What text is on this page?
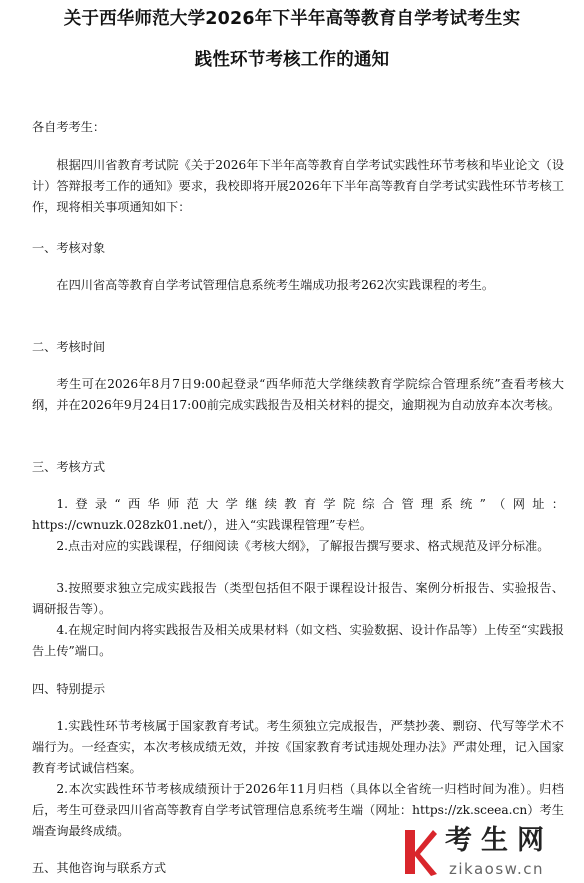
关于西华师范大学2026年下半年高等教育自学考试考生实
践性环节考核工作的通知

各自考考生：

根据四川省教育考试院《关于2026年下半年高等教育自学考试实践性环节考核和毕业论文（设计）答辩报考工作的通知》要求，我校即将开展2026年下半年高等教育自学考试实践性环节考核工作，现将相关事项通知如下：

一、考核对象

在四川省高等教育自学考试管理信息系统考生端成功报考262次实践课程的考生。

二、考核时间

考生可在2026年8月7日9:00起登录“西华师范大学继续教育学院综合管理系统”查看考核大纲，并在2026年9月24日17:00前完成实践报告及相关材料的提交，逾期视为自动放弃本次考核。

三、考核方式

1.登录“西华师范大学继续教育学院综合管理系统”（网址：https://cwnuzk.028zk01.net/），进入“实践课程管理”专栏。

2.点击对应的实践课程，仔细阅读《考核大纲》，了解报告撰写要求、格式规范及评分标准。

3.按照要求独立完成实践报告（类型包括但不限于课程设计报告、案例分析报告、实验报告、调研报告等）。

4.在规定时间内将实践报告及相关成果材料（如文档、实验数据、设计作品等）上传至“实践报告上传”端口。

四、特别提示

1.实践性环节考核属于国家教育考试。考生须独立完成报告，严禁抄袭、剽窃、代写等学术不端行为。一经查实，本次考核成绩无效，并按《国家教育考试违规处理办法》严肃处理，记入国家教育考试诚信档案。

2.本次实践性环节考核成绩预计于2026年11月归档（具体以全省统一归档时间为准）。归档后，考生可登录四川省高等教育自学考试管理信息系统考生端（网址：https://zk.sceea.cn）考生端查询最终成绩。

五、其他咨询与联系方式

考生网
zikaosw.cn
